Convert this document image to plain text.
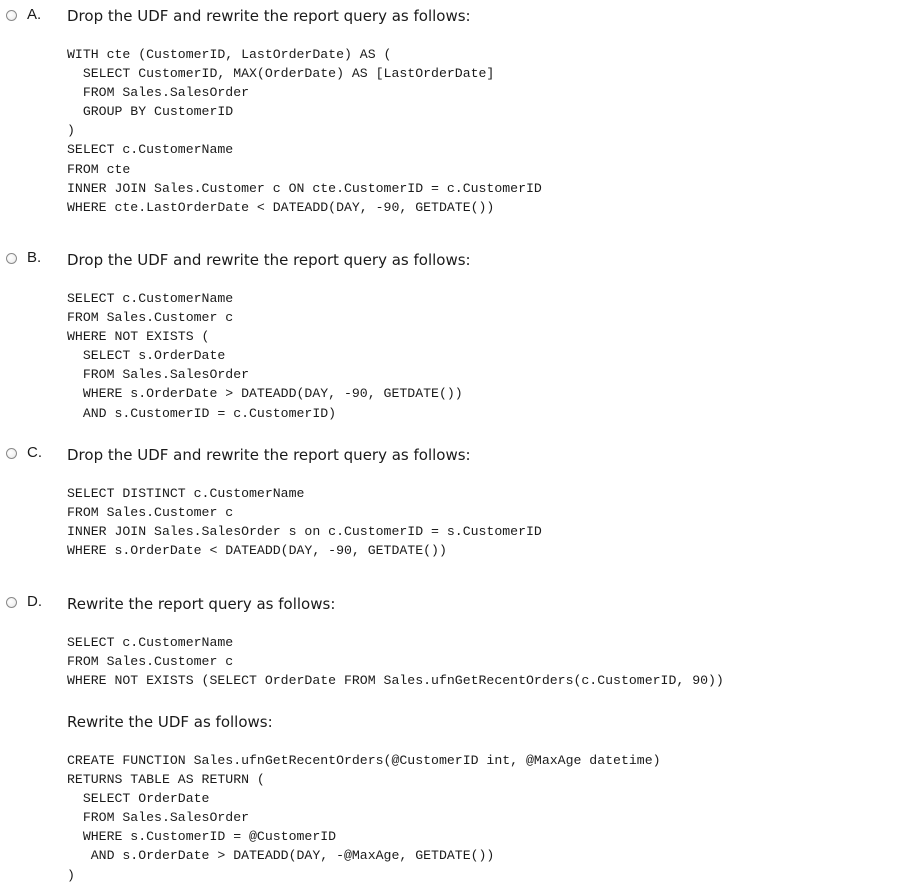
A. Drop the UDF and rewrite the report query as follows:
WITH cte (CustomerID, LastOrderDate) AS (
SELECT CustomerID, MAX(OrderDate) AS [LastOrderDate]
FROM Sales.SalesOrder
GROUP BY CustomerID
)
SELECT c.CustomerName
FROM cte
INNER JOIN Sales.Customer c ON cte.CustomerID = c.CustomerID
WHERE cte.LastOrderDate < DATEADD(DAY, -90, GETDATE())
B. Drop the UDF and rewrite the report query as follows:
SELECT c.CustomerName
FROM Sales.Customer c
WHERE NOT EXISTS (
SELECT s.OrderDate
FROM Sales.SalesOrder
WHERE s.OrderDate > DATEADD(DAY, -90, GETDATE())
AND s.CustomerID = c.CustomerID)
C. Drop the UDF and rewrite the report query as follows:
SELECT DISTINCT c.CustomerName
FROM Sales.Customer c
INNER JOIN Sales.SalesOrder s on c.CustomerID = s.CustomerID
WHERE s.OrderDate < DATEADD(DAY, -90, GETDATE())
D. Rewrite the report query as follows:
SELECT c.CustomerName
FROM Sales.Customer c
WHERE NOT EXISTS (SELECT OrderDate FROM Sales.ufnGetRecentOrders(c.CustomerID, 90))
Rewrite the UDF as follows:
CREATE FUNCTION Sales.ufnGetRecentOrders(@CustomerID int, @MaxAge datetime)
RETURNS TABLE AS RETURN (
SELECT OrderDate
FROM Sales.SalesOrder
WHERE s.CustomerID = @CustomerID
AND s.OrderDate > DATEADD(DAY, -@MaxAge, GETDATE())
)
